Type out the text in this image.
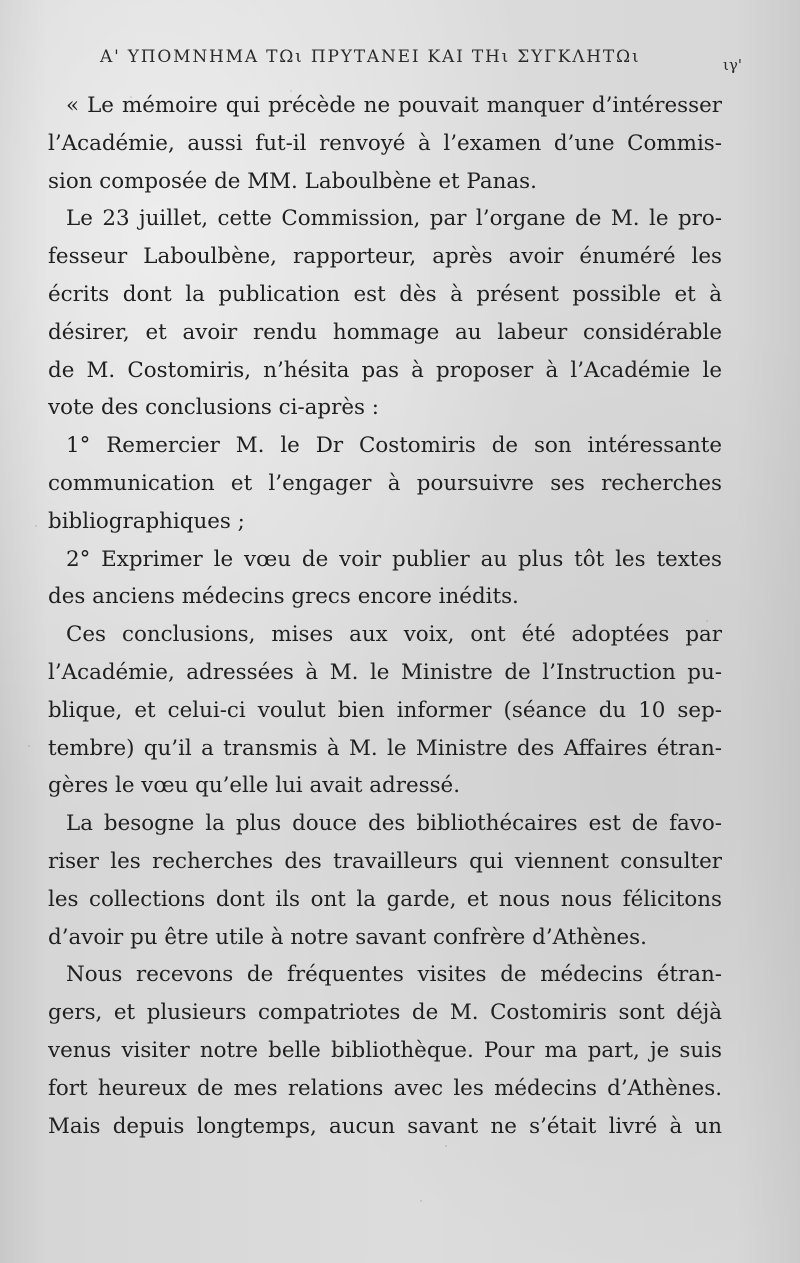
Α' ΥΠΟΜΝΗΜΑ ΤΩι ΠΡΥΤΑΝΕΙ ΚΑΙ ΤΗι ΣΥΓΚΛΗΤΩι	ιγ'
« Le mémoire qui précède ne pouvait manquer d’intéresser
l’Académie, aussi fut-il renvoyé à l’examen d’une Commis-
sion composée de MM. Laboulbène et Panas.
Le 23 juillet, cette Commission, par l’organe de M. le pro-
fesseur Laboulbène, rapporteur, après avoir énuméré les
écrits dont la publication est dès à présent possible et à
désirer, et avoir rendu hommage au labeur considérable
de M. Costomiris, n’hésita pas à proposer à l’Académie le
vote des conclusions ci-après :
1° Remercier M. le Dr Costomiris de son intéressante
communication et l’engager à poursuivre ses recherches
bibliographiques ;
2° Exprimer le vœu de voir publier au plus tôt les textes
des anciens médecins grecs encore inédits.
Ces conclusions, mises aux voix, ont été adoptées par
l’Académie, adressées à M. le Ministre de l’Instruction pu-
blique, et celui-ci voulut bien informer (séance du 10 sep-
tembre) qu’il a transmis à M. le Ministre des Affaires étran-
gères le vœu qu’elle lui avait adressé.
La besogne la plus douce des bibliothécaires est de favo-
riser les recherches des travailleurs qui viennent consulter
les collections dont ils ont la garde, et nous nous félicitons
d’avoir pu être utile à notre savant confrère d’Athènes.
Nous recevons de fréquentes visites de médecins étran-
gers, et plusieurs compatriotes de M. Costomiris sont déjà
venus visiter notre belle bibliothèque. Pour ma part, je suis
fort heureux de mes relations avec les médecins d’Athènes.
Mais depuis longtemps, aucun savant ne s’était livré à un
